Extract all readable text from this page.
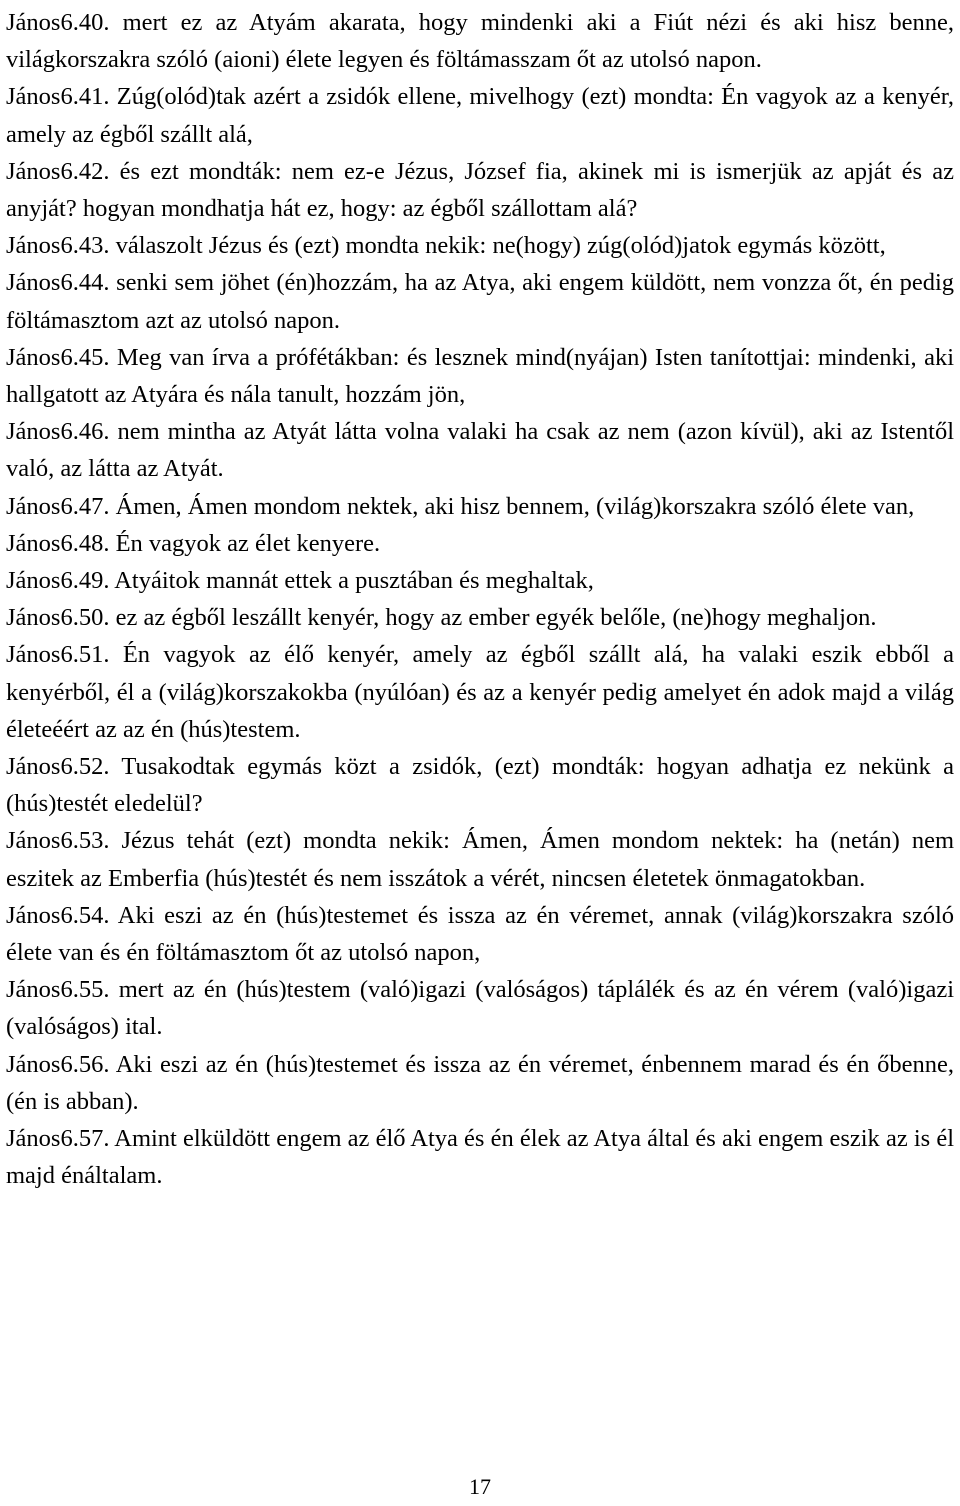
János6.40. mert ez az Atyám akarata, hogy mindenki aki a Fiút nézi és aki hisz benne, világkorszakra szóló (aioni) élete legyen és föltámasszam őt az utolsó napon.

János6.41. Zúg(olód)tak azért a zsidók ellene, mivelhogy (ezt) mondta: Én vagyok az a kenyér, amely az égből szállt alá,

János6.42. és ezt mondták: nem ez-e Jézus, József fia, akinek mi is ismerjük az apját és az anyját? hogyan mondhatja hát ez, hogy: az égből szállottam alá?

János6.43. válaszolt Jézus és (ezt) mondta nekik: ne(hogy) zúg(olód)jatok egymás között,

János6.44. senki sem jöhet (én)hozzám, ha az Atya, aki engem küldött, nem vonzza őt, én pedig föltámasztom azt az utolsó napon.

János6.45. Meg van írva a prófétákban: és lesznek mind(nyájan) Isten tanítottjai: mindenki, aki hallgatott az Atyára és nála tanult, hozzám jön,

János6.46. nem mintha az Atyát látta volna valaki ha csak az nem (azon kívül), aki az Istentől való, az látta az Atyát.

János6.47. Ámen, Ámen mondom nektek, aki hisz bennem, (világ)korszakra szóló élete van,

János6.48. Én vagyok az élet kenyere.

János6.49. Atyáitok mannát ettek a pusztában és meghaltak,

János6.50. ez az égből leszállt kenyér, hogy az ember egyék belőle, (ne)hogy meghaljon.

János6.51. Én vagyok az élő kenyér, amely az égből szállt alá, ha valaki eszik ebből a kenyérből, él a (világ)korszakokba (nyúlóan) és az a kenyér pedig amelyet én adok majd a világ életeéért az az én (hús)testem.

János6.52. Tusakodtak egymás közt a zsidók, (ezt) mondták: hogyan adhatja ez nekünk a (hús)testét eledelül?

János6.53. Jézus tehát (ezt) mondta nekik: Ámen, Ámen mondom nektek: ha (netán) nem eszitek az Emberfia (hús)testét és nem isszátok a vérét, nincsen életetek önmagatokban.

János6.54. Aki eszi az én (hús)testemet és issza az én véremet, annak (világ)korszakra szóló élete van és én föltámasztom őt az utolsó napon,

János6.55. mert az én (hús)testem (való)igazi (valóságos) táplálék és az én vérem (való)igazi (valóságos) ital.

János6.56. Aki eszi az én (hús)testemet és issza az én véremet, énbennem marad és én őbenne, (én is abban).

János6.57. Amint elküldött engem az élő Atya és én élek az Atya által és aki engem eszik az is él majd énáltalam.

17
